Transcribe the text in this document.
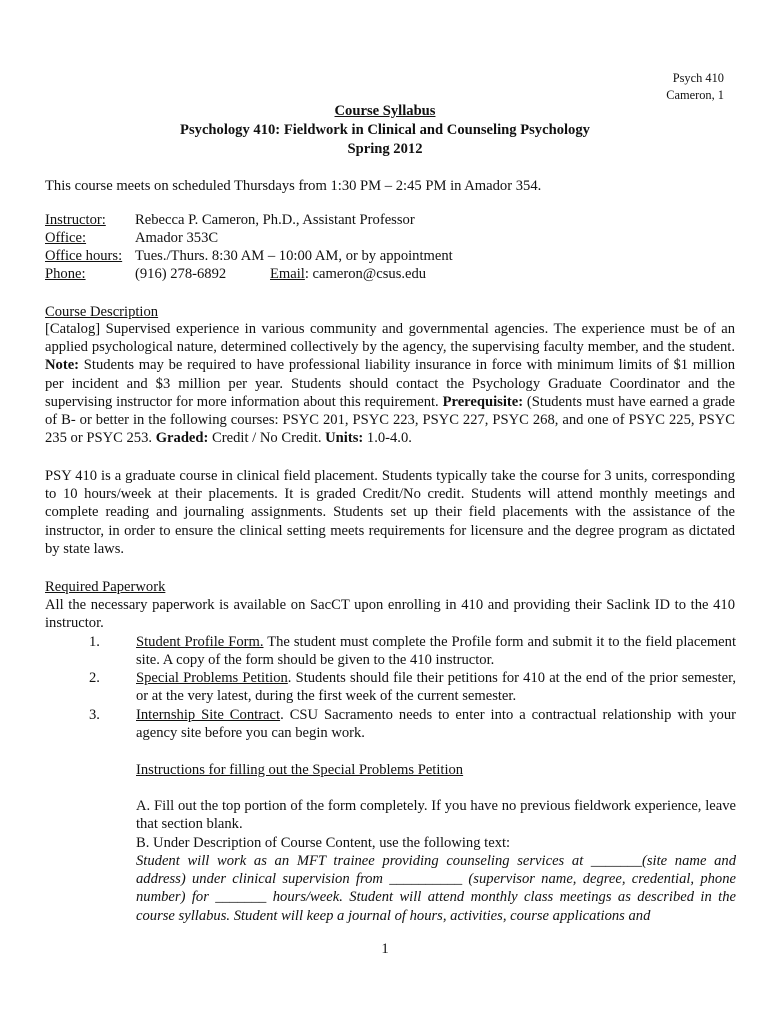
Psych 410
Cameron, 1
Course Syllabus
Psychology 410: Fieldwork in Clinical and Counseling Psychology
Spring 2012
This course meets on scheduled Thursdays from 1:30 PM – 2:45 PM in Amador 354.
Instructor: Rebecca P. Cameron, Ph.D., Assistant Professor
Office:	Amador 353C
Office hours: Tues./Thurs. 8:30 AM – 10:00 AM, or by appointment
Phone:	(916) 278-6892	Email: cameron@csus.edu
Course Description
[Catalog] Supervised experience in various community and governmental agencies. The experience must be of an applied psychological nature, determined collectively by the agency, the supervising faculty member, and the student. Note: Students may be required to have professional liability insurance in force with minimum limits of $1 million per incident and $3 million per year. Students should contact the Psychology Graduate Coordinator and the supervising instructor for more information about this requirement. Prerequisite: (Students must have earned a grade of B- or better in the following courses: PSYC 201, PSYC 223, PSYC 227, PSYC 268, and one of PSYC 225, PSYC 235 or PSYC 253. Graded: Credit / No Credit. Units: 1.0-4.0.
PSY 410 is a graduate course in clinical field placement. Students typically take the course for 3 units, corresponding to 10 hours/week at their placements. It is graded Credit/No credit. Students will attend monthly meetings and complete reading and journaling assignments. Students set up their field placements with the assistance of the instructor, in order to ensure the clinical setting meets requirements for licensure and the degree program as dictated by state laws.
Required Paperwork
All the necessary paperwork is available on SacCT upon enrolling in 410 and providing their Saclink ID to the 410 instructor.
1. Student Profile Form. The student must complete the Profile form and submit it to the field placement site. A copy of the form should be given to the 410 instructor.
2. Special Problems Petition. Students should file their petitions for 410 at the end of the prior semester, or at the very latest, during the first week of the current semester.
3. Internship Site Contract. CSU Sacramento needs to enter into a contractual relationship with your agency site before you can begin work.
Instructions for filling out the Special Problems Petition
A. Fill out the top portion of the form completely. If you have no previous fieldwork experience, leave that section blank.
B. Under Description of Course Content, use the following text:
Student will work as an MFT trainee providing counseling services at _______(site name and address) under clinical supervision from __________ (supervisor name, degree, credential, phone number) for _______ hours/week. Student will attend monthly class meetings as described in the course syllabus. Student will keep a journal of hours, activities, course applications and
1
